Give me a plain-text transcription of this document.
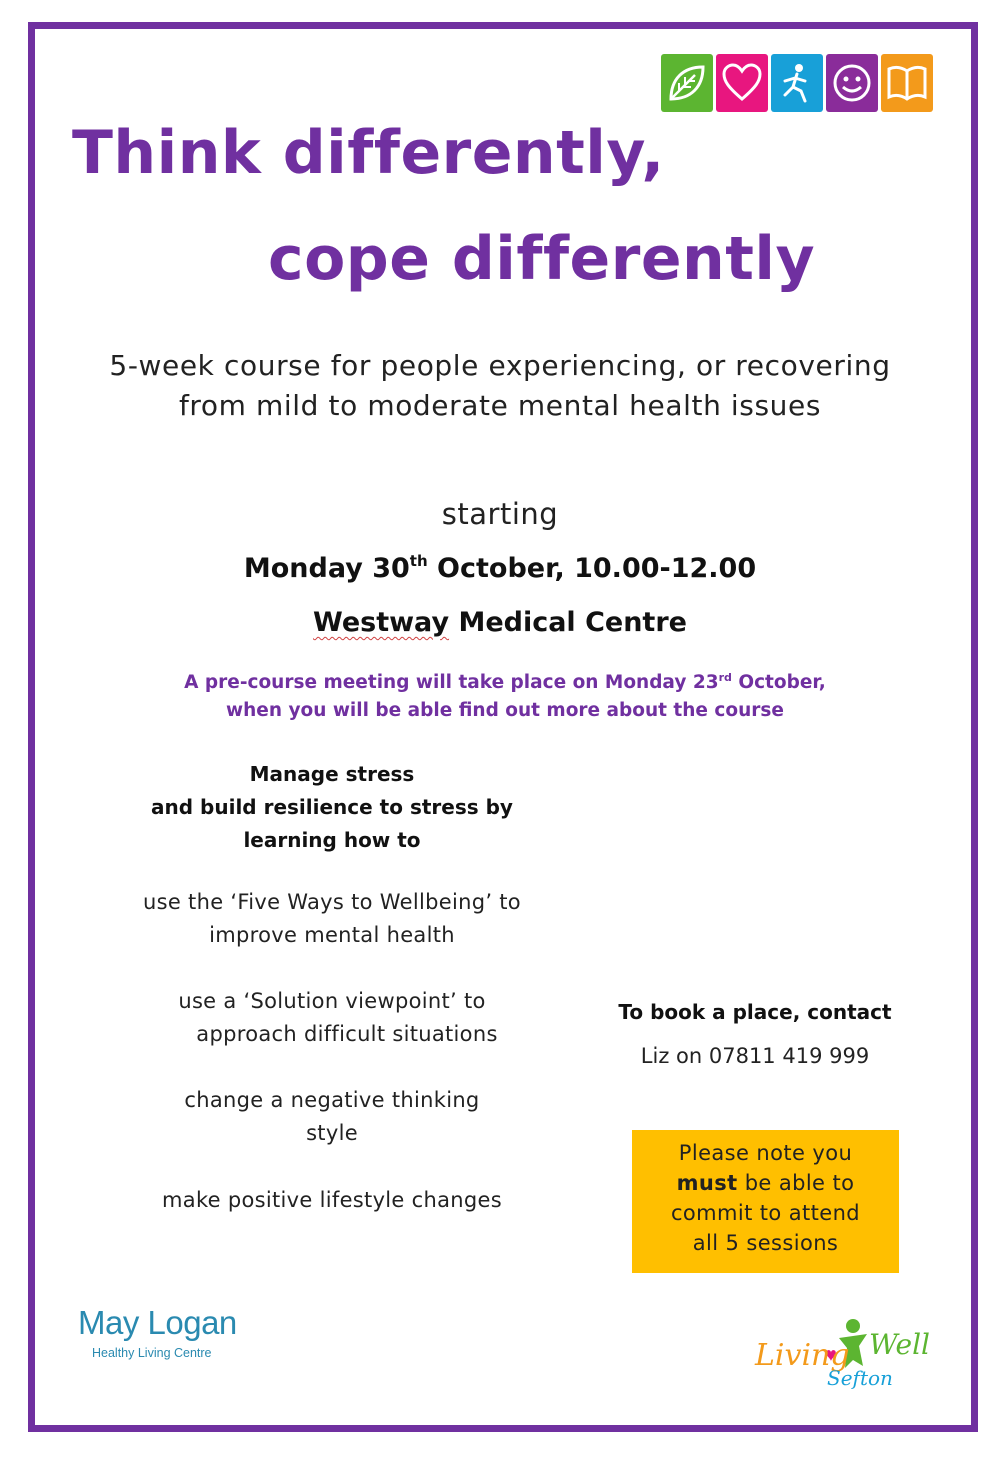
Think differently,
cope differently
5-week course for people experiencing, or recovering
from mild to moderate mental health issues
starting
Monday 30th October, 10.00-12.00
Westway Medical Centre
A pre-course meeting will take place on Monday 23rd October,
when you will be able find out more about the course
Manage stress
and build resilience to stress by
learning how to
use the ‘Five Ways to Wellbeing’ to
improve mental health
use a ‘Solution viewpoint’ to
approach difficult situations
change a negative thinking
style
make positive lifestyle changes
To book a place, contact
Liz on 07811 419 999
Please note you
must be able to
commit to attend
all 5 sessions
May Logan
Healthy Living Centre	Living Well
Sefton
